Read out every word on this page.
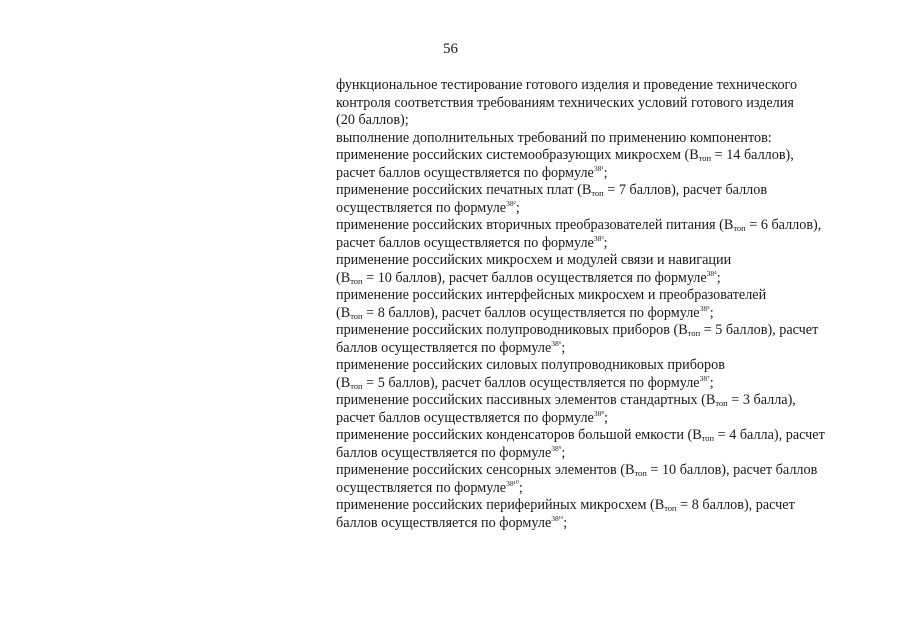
56
функциональное тестирование готового изделия и проведение технического
контроля соответствия требованиям технических условий готового изделия
(20 баллов);
выполнение дополнительных требований по применению компонентов:
применение российских системообразующих микросхем ($B_{топ} = 14$ баллов),
расчет баллов осуществляется по формуле$^{38^1}$;
применение российских печатных плат ($B_{топ} = 7$ баллов), расчет баллов
осуществляется по формуле$^{38^2}$;
применение российских вторичных преобразователей питания ($B_{топ} = 6$ баллов),
расчет баллов осуществляется по формуле$^{38^3}$;
применение российских микросхем и модулей связи и навигации
($B_{топ} = 10$ баллов), расчет баллов осуществляется по формуле$^{38^4}$;
применение российских интерфейсных микросхем и преобразователей
($B_{топ} = 8$ баллов), расчет баллов осуществляется по формуле$^{38^5}$;
применение российских полупроводниковых приборов ($B_{топ} = 5$ баллов), расчет
баллов осуществляется по формуле$^{38^6}$;
применение российских силовых полупроводниковых приборов
($B_{топ} = 5$ баллов), расчет баллов осуществляется по формуле$^{38^7}$;
применение российских пассивных элементов стандартных ($B_{топ} = 3$ балла),
расчет баллов осуществляется по формуле$^{38^8}$;
применение российских конденсаторов большой емкости ($B_{топ} = 4$ балла), расчет
баллов осуществляется по формуле$^{38^9}$;
применение российских сенсорных элементов ($B_{топ} = 10$ баллов), расчет баллов
осуществляется по формуле$^{38^{10}}$;
применение российских периферийных микросхем ($B_{топ} = 8$ баллов), расчет
баллов осуществляется по формуле$^{38^{11}}$;
